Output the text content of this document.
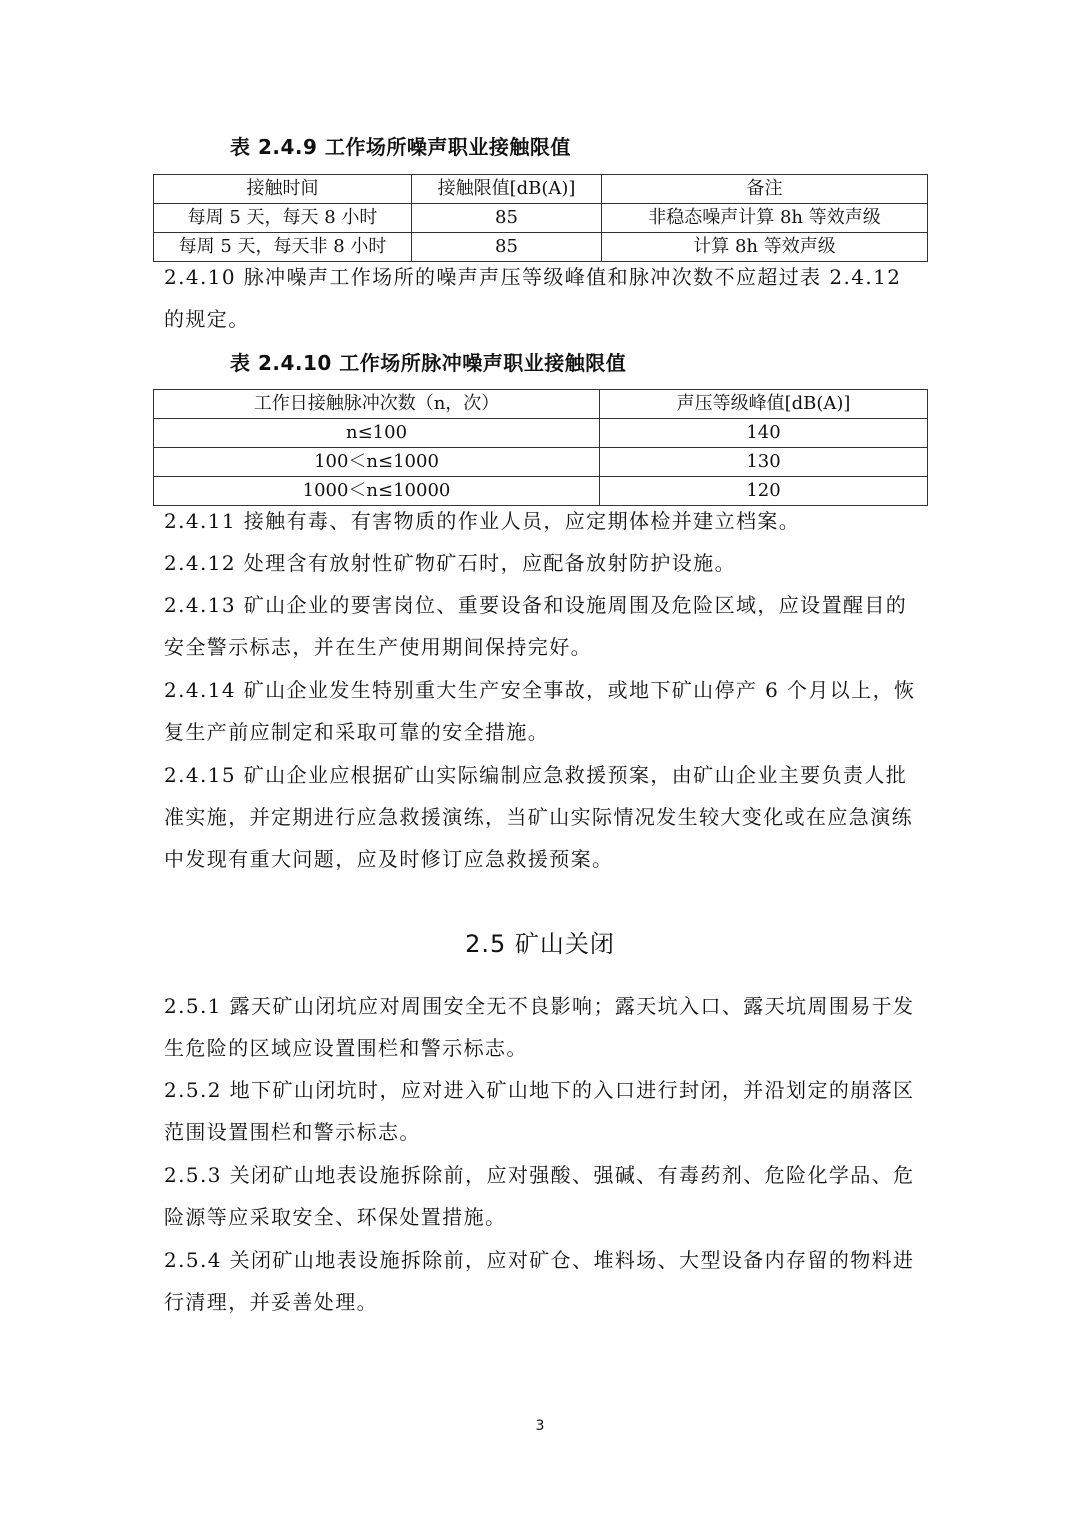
表 2.4.9 工作场所噪声职业接触限值
接触时间	接触限值[dB(A)]	备注
每周 5 天，每天 8 小时	85	非稳态噪声计算 8h 等效声级
每周 5 天，每天非 8 小时	85	计算 8h 等效声级
2.4.10 脉冲噪声工作场所的噪声声压等级峰值和脉冲次数不应超过表 2.4.12 的规定。
表 2.4.10 工作场所脉冲噪声职业接触限值
工作日接触脉冲次数（n，次）	声压等级峰值[dB(A)]
n≤100	140
100＜n≤1000	130
1000＜n≤10000	120
2.4.11 接触有毒、有害物质的作业人员，应定期体检并建立档案。
2.4.12 处理含有放射性矿物矿石时，应配备放射防护设施。
2.4.13 矿山企业的要害岗位、重要设备和设施周围及危险区域，应设置醒目的安全警示标志，并在生产使用期间保持完好。
2.4.14 矿山企业发生特别重大生产安全事故，或地下矿山停产 6 个月以上，恢复生产前应制定和采取可靠的安全措施。
2.4.15 矿山企业应根据矿山实际编制应急救援预案，由矿山企业主要负责人批准实施，并定期进行应急救援演练，当矿山实际情况发生较大变化或在应急演练中发现有重大问题，应及时修订应急救援预案。
2.5 矿山关闭
2.5.1 露天矿山闭坑应对周围安全无不良影响；露天坑入口、露天坑周围易于发生危险的区域应设置围栏和警示标志。
2.5.2 地下矿山闭坑时，应对进入矿山地下的入口进行封闭，并沿划定的崩落区范围设置围栏和警示标志。
2.5.3 关闭矿山地表设施拆除前，应对强酸、强碱、有毒药剂、危险化学品、危险源等应采取安全、环保处置措施。
2.5.4 关闭矿山地表设施拆除前，应对矿仓、堆料场、大型设备内存留的物料进行清理，并妥善处理。
3
